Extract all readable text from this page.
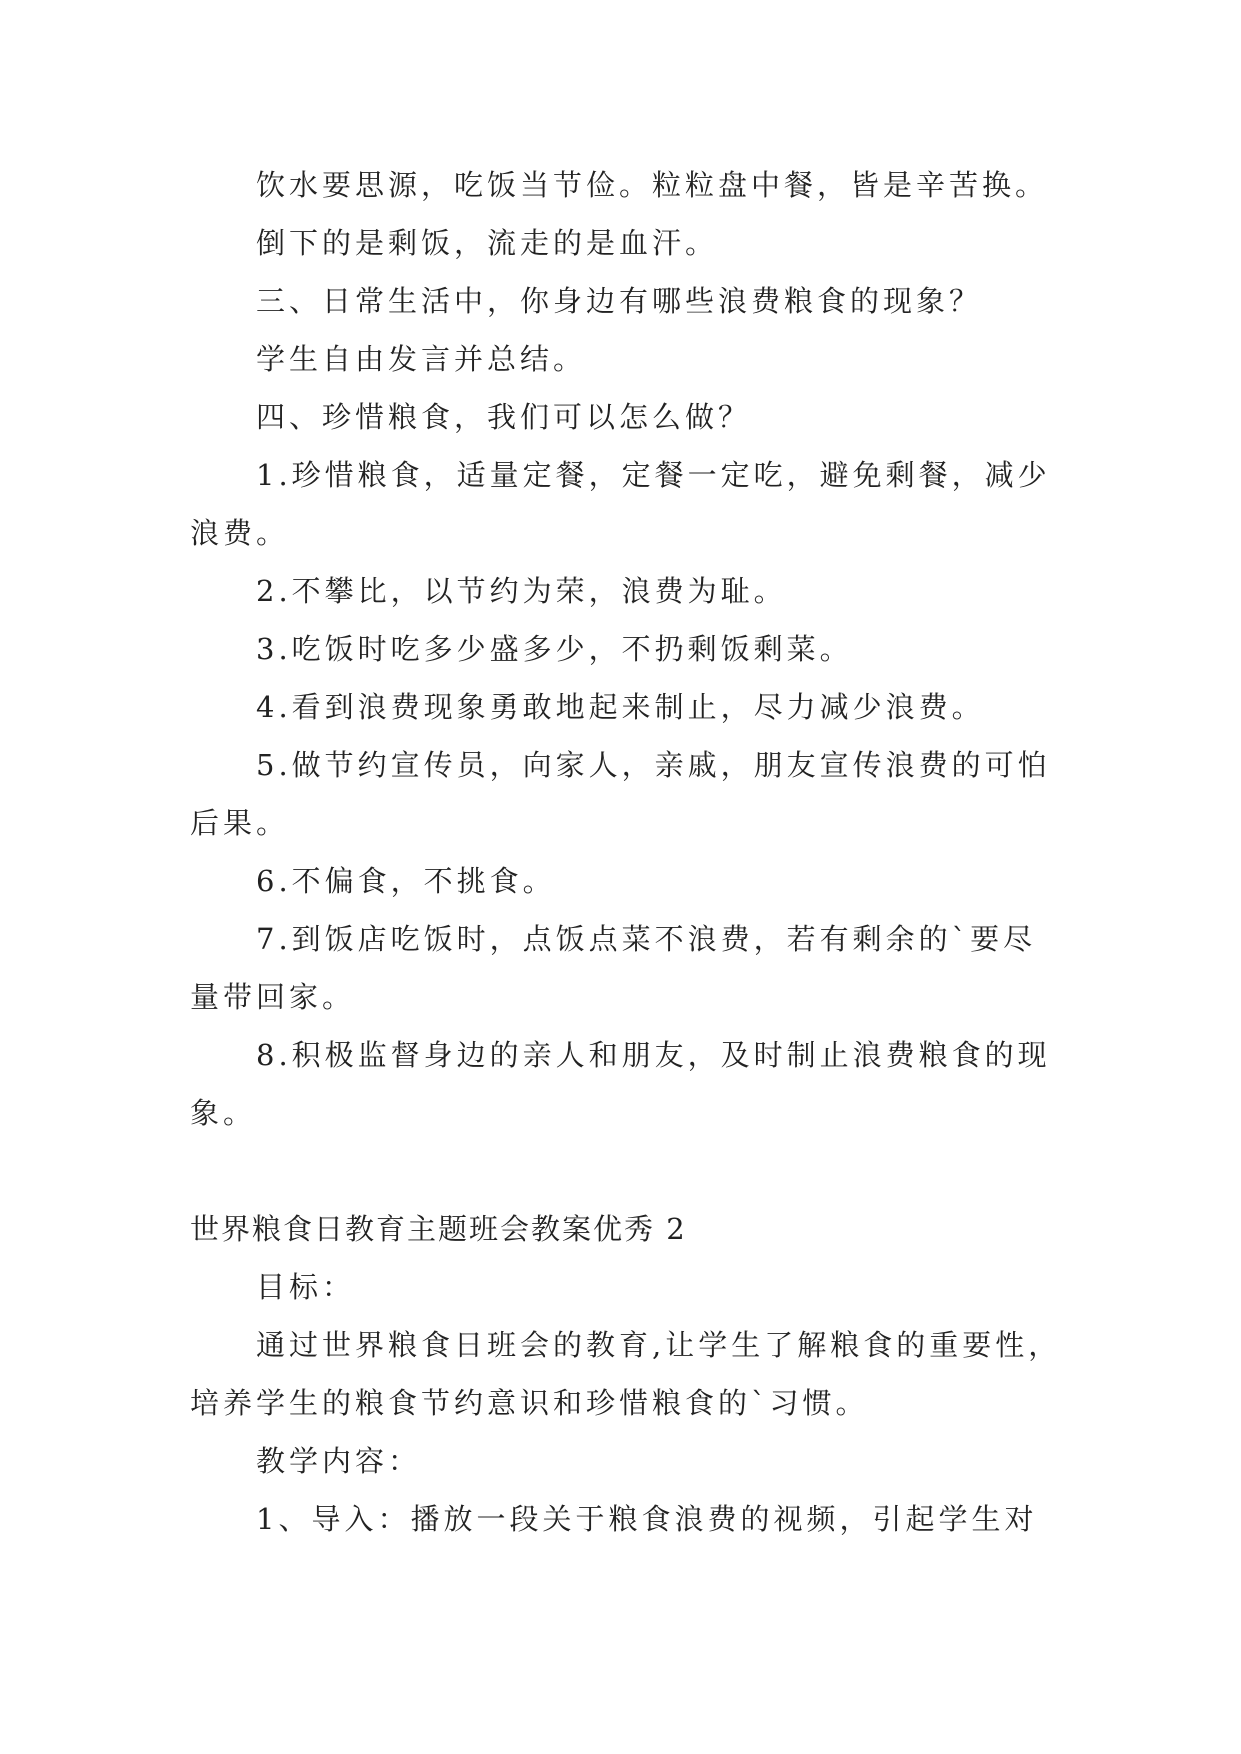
饮水要思源，吃饭当节俭。粒粒盘中餐，皆是辛苦换。
倒下的是剩饭，流走的是血汗。
三、日常生活中，你身边有哪些浪费粮食的现象？
学生自由发言并总结。
四、珍惜粮食，我们可以怎么做？
1.珍惜粮食，适量定餐，定餐一定吃，避免剩餐，减少
浪费。
2.不攀比，以节约为荣，浪费为耻。
3.吃饭时吃多少盛多少，不扔剩饭剩菜。
4.看到浪费现象勇敢地起来制止，尽力减少浪费。
5.做节约宣传员，向家人，亲戚，朋友宣传浪费的可怕
后果。
6.不偏食，不挑食。
7.到饭店吃饭时，点饭点菜不浪费，若有剩余的`要尽
量带回家。
8.积极监督身边的亲人和朋友，及时制止浪费粮食的现
象。
世界粮食日教育主题班会教案优秀 2
目标：
通过世界粮食日班会的教育,让学生了解粮食的重要性，
培养学生的粮食节约意识和珍惜粮食的`习惯。
教学内容：
1、导入：播放一段关于粮食浪费的视频，引起学生对
